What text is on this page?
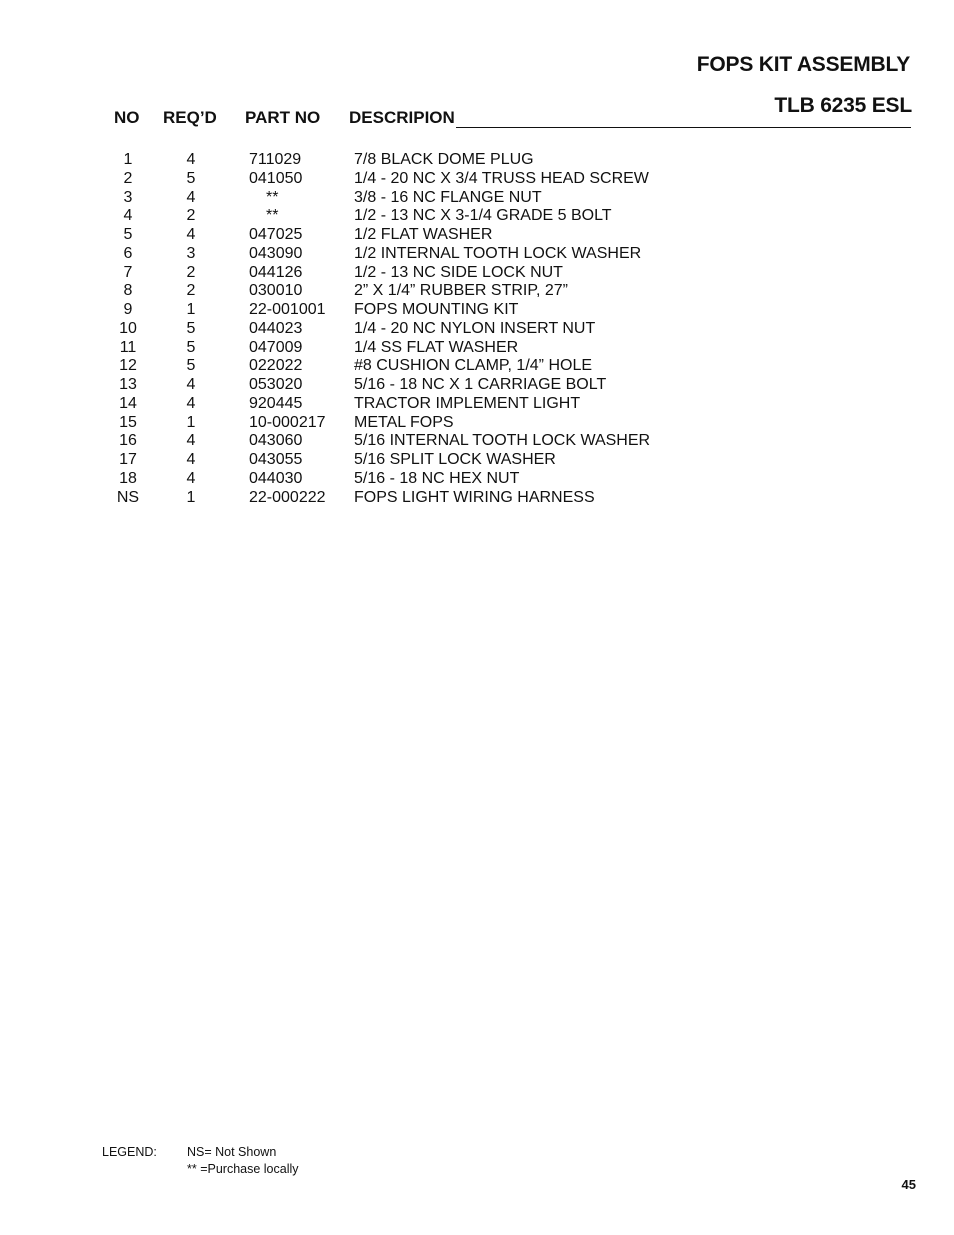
FOPS KIT ASSEMBLY
TLB 6235 ESL
NO REQ’D PART NO DESCRIPION
1	4	711029	7/8 BLACK DOME PLUG
2	5	041050	1/4 - 20 NC X 3/4 TRUSS HEAD SCREW
3	4	**	3/8 - 16 NC FLANGE NUT
4	2	**	1/2 - 13 NC X 3-1/4 GRADE 5 BOLT
5	4	047025	1/2 FLAT WASHER
6	3	043090	1/2 INTERNAL TOOTH LOCK WASHER
7	2	044126	1/2 - 13 NC SIDE LOCK NUT
8	2	030010	2” X 1/4” RUBBER STRIP, 27”
9	1	22-001001 FOPS MOUNTING KIT
10	5	044023	1/4 - 20 NC NYLON INSERT NUT
11	5	047009	1/4 SS FLAT WASHER
12	5	022022	#8 CUSHION CLAMP, 1/4” HOLE
13	4	053020	5/16 - 18 NC X 1 CARRIAGE BOLT
14	4	920445	TRACTOR IMPLEMENT LIGHT
15	1	10-000217 METAL FOPS
16	4	043060	5/16 INTERNAL TOOTH LOCK WASHER
17	4	043055	5/16 SPLIT LOCK WASHER
18	4	044030	5/16 - 18 NC HEX NUT
NS	1	22-000222 FOPS LIGHT WIRING HARNESS
LEGEND: NS= Not Shown
** =Purchase locally
45
